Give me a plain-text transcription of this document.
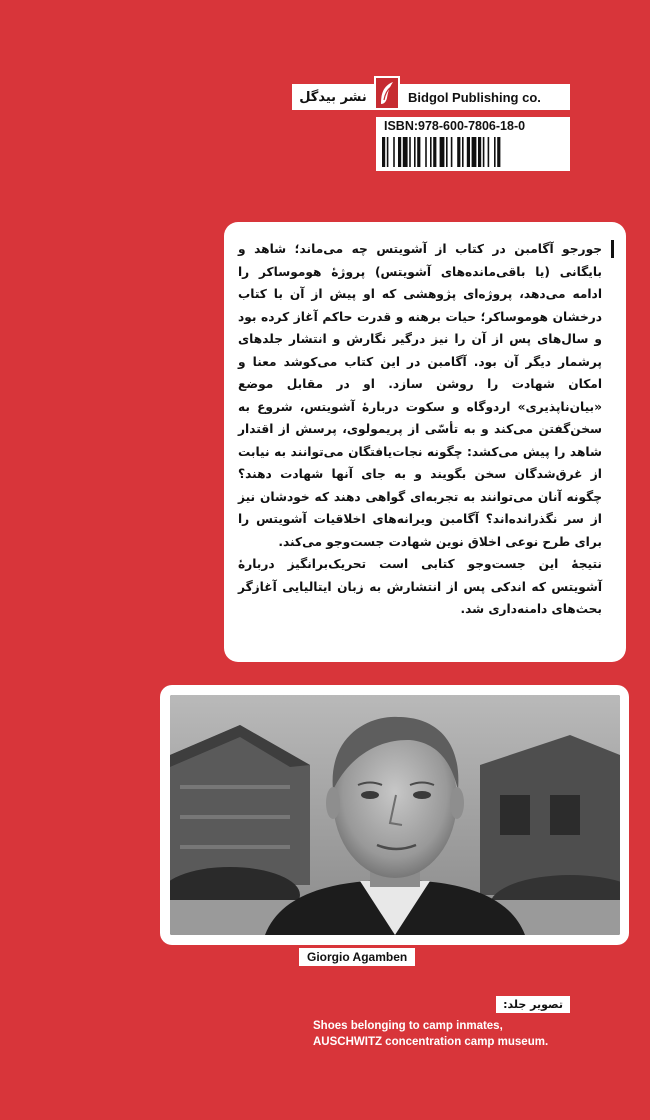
نشر بیدگل	Bidgol Publishing co.
ISBN:978-600-7806-18-0

جورجو آگامبن در کتاب از آشویتس چه می‌ماند؛ شاهد و بایگانی (یا باقی‌مانده‌های آشویتس) پروژهٔ هوموساکر را ادامه می‌دهد، پروژه‌ای پژوهشی که او پیش از آن با کتاب درخشان هوموساکر؛ حیات برهنه و قدرت حاکم آغاز کرده بود و سال‌های پس از آن را نیز درگیر نگارش و انتشار جلدهای پرشمار دیگر آن بود. آگامبن در این کتاب می‌کوشد معنا و امکان شهادت را روشن سازد. او در مقابل موضع «بیان‌ناپذیری» اردوگاه و سکوت دربارهٔ آشویتس، شروع به سخن‌گفتن می‌کند و به تأسّی از پریمولوی، پرسش از اقتدار شاهد را پیش می‌کشد: چگونه نجات‌یافتگان می‌توانند به نیابت از غرق‌شدگان سخن بگویند و به جای آنها شهادت دهند؟ چگونه آنان می‌توانند به تجربه‌ای گواهی دهند که خودشان نیز از سر نگذرانده‌اند؟ آگامبن ویرانه‌های اخلاقیات آشویتس را برای طرح نوعی اخلاق نوین شهادت جست‌وجو می‌کند.

نتیجهٔ این جست‌وجو کتابی است تحریک‌برانگیز دربارهٔ آشویتس که اندکی پس از انتشارش به زبان ایتالیایی آغازگر بحث‌های دامنه‌داری شد.

Giorgio Agamben
تصویر جلد:
Shoes belonging to camp inmates,
AUSCHWITZ concentration camp museum.
